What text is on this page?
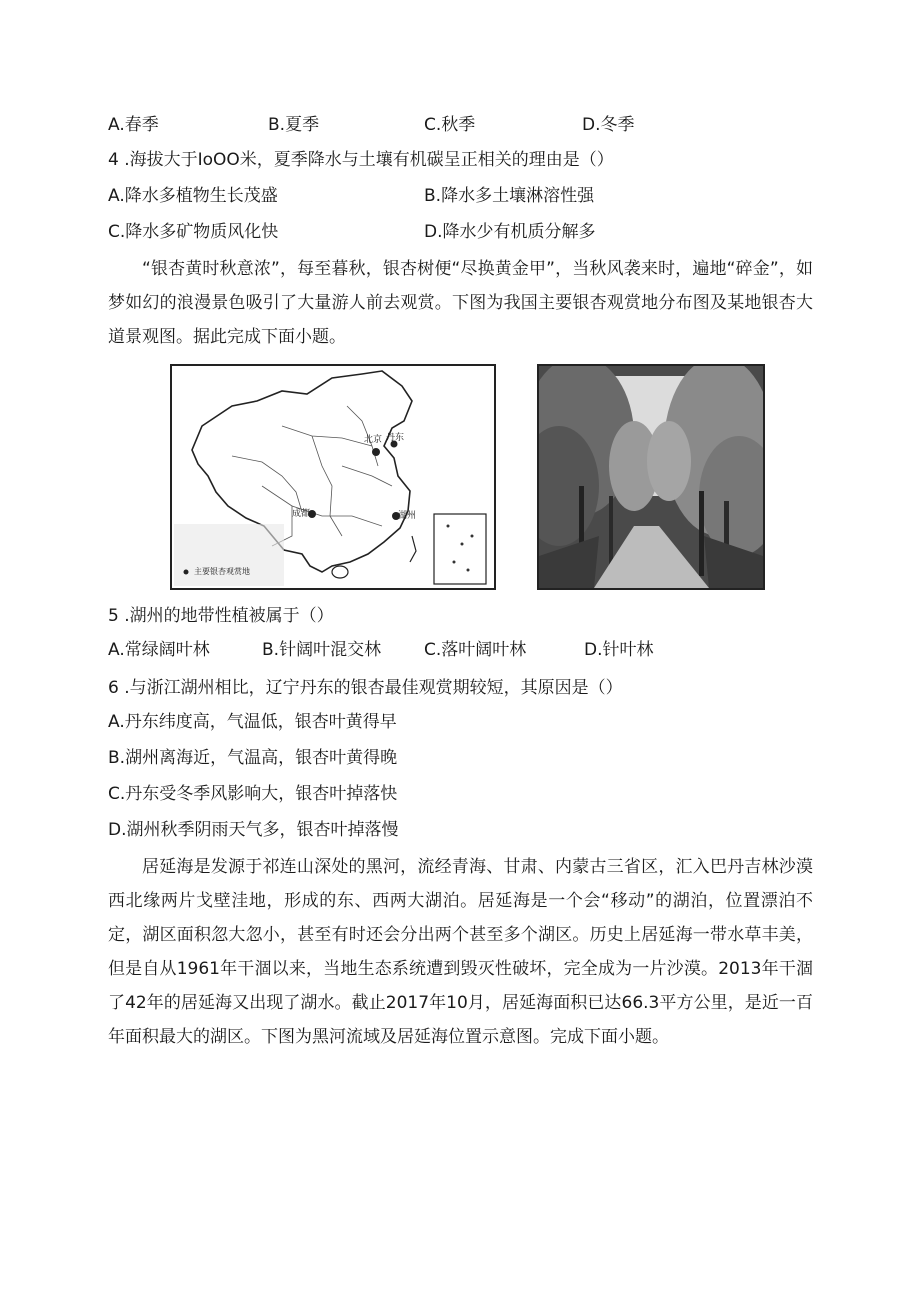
A.春季	B.夏季	C.秋季	D.冬季
4 .海拔大于IoOO米，夏季降水与土壤有机碳呈正相关的理由是（）
A.降水多植物生长茂盛	B.降水多土壤淋溶性强
C.降水多矿物质风化快	D.降水少有机质分解多
“银杏黄时秋意浓”，每至暮秋，银杏树便“尽换黄金甲”，当秋风袭来时，遍地“碎金”，如梦如幻的浪漫景色吸引了大量游人前去观赏。下图为我国主要银杏观赏地分布图及某地银杏大道景观图。据此完成下面小题。
北京 丹东
成都	湖州
主要银杏观赏地
5 .湖州的地带性植被属于（）
A.常绿阔叶林	B.针阔叶混交林	C.落叶阔叶林	D.针叶林
6 .与浙江湖州相比，辽宁丹东的银杏最佳观赏期较短，其原因是（）
A.丹东纬度高，气温低，银杏叶黄得早
B.湖州离海近，气温高，银杏叶黄得晚
C.丹东受冬季风影响大，银杏叶掉落快
D.湖州秋季阴雨天气多，银杏叶掉落慢
居延海是发源于祁连山深处的黑河，流经青海、甘肃、内蒙古三省区，汇入巴丹吉林沙漠西北缘两片戈壁洼地，形成的东、西两大湖泊。居延海是一个会“移动”的湖泊，位置漂泊不定，湖区面积忽大忽小，甚至有时还会分出两个甚至多个湖区。历史上居延海一带水草丰美，但是自从1961年干涸以来，当地生态系统遭到毁灭性破坏，完全成为一片沙漠。2013年干涸了42年的居延海又出现了湖水。截止2017年10月，居延海面积已达66.3平方公里，是近一百年面积最大的湖区。下图为黑河流域及居延海位置示意图。完成下面小题。
